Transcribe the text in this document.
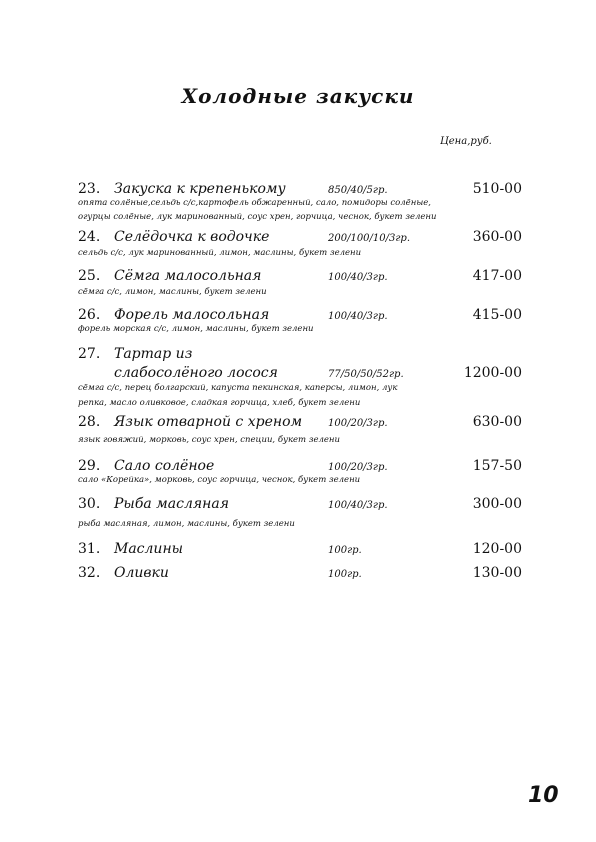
Холодные закуски
Цена,руб.
23. Закуска к крепенькому	850/40/5гр.	510-00
опята солёные,сельдь с/с,картофель обжаренный, сало, помидоры солёные,
огурцы солёные, лук маринованный, соус хрен, горчица, чеснок, букет зелени
24. Селёдочка к водочке	200/100/10/3гр.	360-00
сельдь с/с, лук маринованный, лимон, маслины, букет зелени
25. Сёмга малосольная	100/40/3гр.	417-00
сёмга с/с, лимон, маслины, букет зелени
26. Форель малосольная	100/40/3гр.	415-00
форель морская с/с, лимон, маслины, букет зелени
27. Тартар из
слабосолёного лосося	77/50/50/52гр.	1200-00
сёмга с/с, перец болгарский, капуста пекинская, каперсы, лимон, лук
репка, масло оливковое, сладкая горчица, хлеб, букет зелени
28. Язык отварной с хреном	100/20/3гр.	630-00
язык говяжий, морковь, соус хрен, специи, букет зелени
29. Сало солёное	100/20/3гр.	157-50
сало «Корейка», морковь, соус горчица, чеснок, букет зелени
30. Рыба масляная	100/40/3гр.	300-00
рыба масляная, лимон, маслины, букет зелени
31. Маслины	100гр.	120-00
32. Оливки	100гр.	130-00
10
